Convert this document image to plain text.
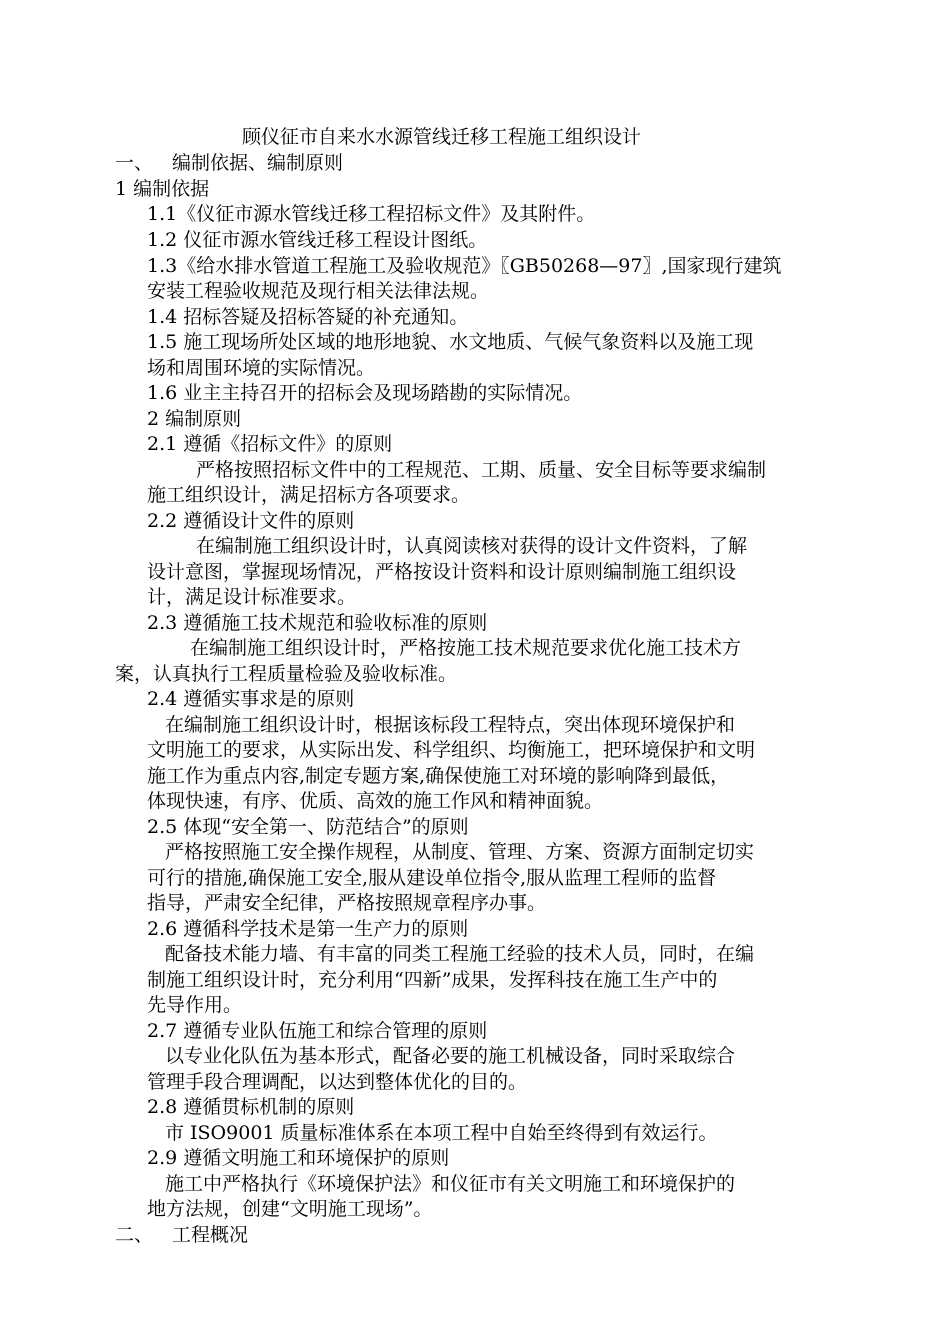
顾仪征市自来水水源管线迁移工程施工组织设计
一、 编制依据、编制原则
1 编制依据
1.1《仪征市源水管线迁移工程招标文件》及其附件。
1.2 仪征市源水管线迁移工程设计图纸。
1.3《给水排水管道工程施工及验收规范》〖GB50268—97〗,国家现行建筑
安装工程验收规范及现行相关法律法规。
1.4 招标答疑及招标答疑的补充通知。
1.5 施工现场所处区域的地形地貌、水文地质、气候气象资料以及施工现
场和周围环境的实际情况。
1.6 业主主持召开的招标会及现场踏勘的实际情况。
2 编制原则
2.1 遵循《招标文件》的原则
严格按照招标文件中的工程规范、工期、质量、安全目标等要求编制
施工组织设计，满足招标方各项要求。
2.2 遵循设计文件的原则
在编制施工组织设计时，认真阅读核对获得的设计文件资料，了解
设计意图，掌握现场情况，严格按设计资料和设计原则编制施工组织设
计，满足设计标准要求。
2.3 遵循施工技术规范和验收标准的原则
在编制施工组织设计时，严格按施工技术规范要求优化施工技术方
案，认真执行工程质量检验及验收标准。
2.4 遵循实事求是的原则
在编制施工组织设计时，根据该标段工程特点，突出体现环境保护和
文明施工的要求，从实际出发、科学组织、均衡施工，把环境保护和文明
施工作为重点内容,制定专题方案,确保使施工对环境的影响降到最低，
体现快速，有序、优质、高效的施工作风和精神面貌。
2.5 体现“安全第一、防范结合”的原则
严格按照施工安全操作规程，从制度、管理、方案、资源方面制定切实
可行的措施,确保施工安全,服从建设单位指令,服从监理工程师的监督
指导，严肃安全纪律，严格按照规章程序办事。
2.6 遵循科学技术是第一生产力的原则
配备技术能力墙、有丰富的同类工程施工经验的技术人员，同时，在编
制施工组织设计时，充分利用“四新”成果，发挥科技在施工生产中的
先导作用。
2.7 遵循专业队伍施工和综合管理的原则
以专业化队伍为基本形式，配备必要的施工机械设备，同时采取综合
管理手段合理调配，以达到整体优化的目的。
2.8 遵循贯标机制的原则
市 ISO9001 质量标准体系在本项工程中自始至终得到有效运行。
2.9 遵循文明施工和环境保护的原则
施工中严格执行《环境保护法》和仪征市有关文明施工和环境保护的
地方法规，创建“文明施工现场”。
二、 工程概况
